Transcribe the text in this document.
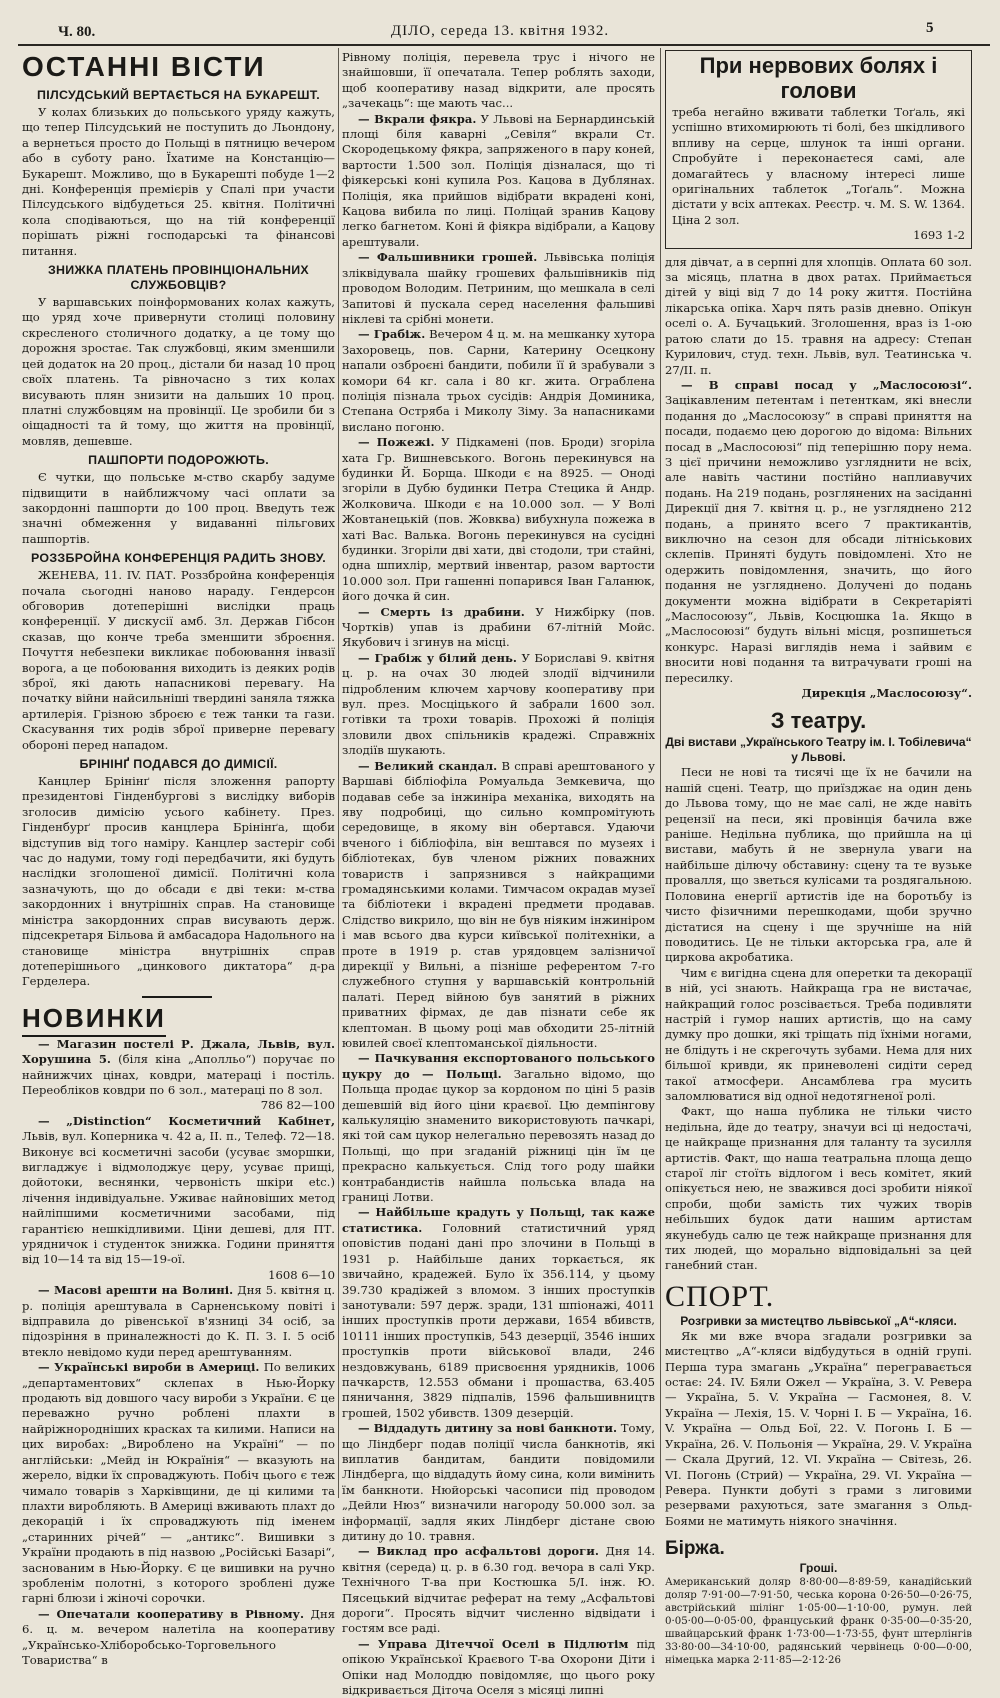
Ч. 80.	ДІЛО, середа 13. квітня 1932.	5
ОСТАННІ ВІСТИ
ПІЛСУДСЬКИЙ ВЕРТАЄТЬСЯ НА БУКАРЕШТ.

У колах близьких до польського уряду кажуть, що тепер Пілсудський не поступить до Льондону, а вернеться просто до Польщі в пятницю вечером або в суботу рано. Їхатиме на Констанцію—Букарешт. Можливо, що в Букарешті побуде 1—2 дні. Конференція премієрів у Спалі при участи Пілсудського відбудеться 25. квітня. Політичні кола сподіваються, що на тій конференції порішать ріжні господарські та фінансові питання.

ЗНИЖКА ПЛАТЕНЬ ПРОВІНЦІОНАЛЬНИХ СЛУЖБОВЦІВ?

У варшавських поінформованих колах кажуть, що уряд хоче привернути столиці половину скресленого столичного додатку, а це тому що дорожня зростає. Так службовці, яким зменшили цей додаток на 20 проц., дістали би назад 10 проц своїх платень. Та рівночасно з тих колах висувають плян знизити на дальших 10 проц. платні службовцям на провінції. Це зробили би з оіщадності та й тому, що життя на провінції, мовляв, дешевше.

ПАШПОРТИ ПОДОРОЖЮТЬ.

Є чутки, що польське м-ство скарбу задуме підвищити в найближчому часі оплати за закордонні пашпорти до 100 проц. Введуть теж значні обмеження у видаванні пільгових пашпортів.

РОЗЗБРОЙНА КОНФЕРЕНЦІЯ РАДИТЬ ЗНОВУ.

ЖЕНЕВА, 11. IV. ПАТ. Роззбройна конференція почала сьогодні наново нараду. Гендерсон обговорив дотеперішні вислідки праць конференції. У дискусії амб. Зл. Держав Гібсон сказав, що конче треба зменшити зброєння. Почуття небезпеки викликає побоювання інвазії ворога, а це побоювання виходить із деяких родів зброї, які дають напасникові перевагу. На початку війни найсильніші твердині заняла тяжка артилерія. Грізною зброєю є теж танки та гази. Скасування тих родів зброї приверне перевагу обороні перед нападом.

БРІНІНҐ ПОДАВСЯ ДО ДИМІСІЇ.

Канцлер Брінінґ після зложення рапорту президентові Гінденбургові з вислідку виборів зголосив димісію усього кабінету. През. Гінденбурґ просив канцлера Брінінґа, щоби відступив від того наміру. Канцлер застеріг собі час до надуми, тому годі передбачити, які будуть наслідки зголошеної димісії. Політичні кола зазначують, що до обсади є дві теки: м-ства закордонних і внутрішніх справ. На становище міністра закордонних справ висувають держ. підсекретаря Більова й амбасадора Надольного на становище міністра внутрішніх справ дотеперішнього „цинкового диктатора“ д-ра Герделера.

НОВИНКИ

— Магазин постелі Р. Джала, Львів, вул. Хорушина 5. (біля кіна „Аполльо“) поручає по найнижчих цінах, ковдри, матераці і постіль. Переобліков ковдри по 6 зол., матераці по 8 зол.

786 82—100

— „Distinction“ Косметичний Кабінет, Львів, вул. Коперника ч. 42 а, II. п., Телеф. 72—18. Виконує всі косметичні засоби (усуває зморшки, вигладжує і відмолоджує цеpу, усуває прищі, дойотоки, веснянки, червоність шкіри etc.) лічення індивідуальне. Уживає найновіших метод найліпшими косметичними засобами, під гарантією нешкідливими. Ціни дешеві, для ПТ. урядничок і студенток знижка. Години приняття від 10—14 та від 15—19-ої.

1608 6—10

— Масові арешти на Волині. Дня 5. квітня ц. р. поліція арештувала в Сарненському повіті і відправила до рівенської в'язниці 34 осіб, за підозріння в приналежності до К. П. З. І. 5 осіб втекло невідомо куди перед арештуванням.

— Українські вироби в Америці. По великих „департаментових“ склепах в Нью-Йорку продають від довшого часу вироби з України. Є це переважно ручно роблені плахти в найріжнородніших красках та килими. Написи на цих виробах: „Вироблено на Україні“ — по англійськи: „Мейд ін Юкраїнія“ — вказують на жерело, відки їх спроваджують. Побіч цього є теж чимало товарів з Харківщини, де ці килими та плахти виробляють. В Америці вживають плахт до декорацій і їх спроваджують під іменем „старинних річей“ — „антикс“. Вишивки з України продають в під назвою „Російські Базарі“, заснованим в Нью-Йорку. Є це вишивки на ручно зробленім полотні, з которого зроблені дуже гарні блюзи і жіночі сорочки.

— Опечатали кооперативу в Рівному. Дня 6. ц. м. вечером налетіла на кооперативу „Українсько-Хліборобсько-Торговельного Товариства“ в

Рівному поліція, перевела трус і нічого не знайшовши, її опечатала. Тепер роблять заходи, щоб кооперативу назад відкрити, але просять „зачекаць“: ще мають час...

— Вкрали фякра. У Львові на Бернардинській площі біля каварні „Севіля“ вкрали Ст. Скородецькому фякра, запряженого в пару коней, вартости 1.500 зол. Поліція дізналася, що ті фіякерські коні купила Роз. Кацова в Дублянах. Поліція, яка прийшов відібрати вкрадені коні, Кацова вибила по лиці. Поліцай зранив Кацову легко багнетом. Коні й фіякра відібрали, а Кацову арештували.

— Фальшивники грошей. Львівська поліція зліквідувала шайку грошевих фальшівників під проводом Володим. Петриним, що мешкала в селі Запитові й пускала серед населення фальшиві ніклеві та срібні монети.

— Грабіж. Вечером 4 ц. м. на мешканку хутора Захоровець, пов. Сарни, Катерину Осецкону напали озброєні бандити, побили її й зрабували з комори 64 кг. сала і 80 кг. жита. Ограблена поліція пізнала трьох сусідів: Андрія Доминика, Степана Остряба і Миколу Зіму. За напасниками вислано погоню.

— Пожежі. У Підкамені (пов. Броди) згоріла хата Гр. Вишневського. Вогонь перекинувся на будинки Й. Борща. Шкоди є на 8925. — Оноді згоріли в Дубю будинки Петра Стецика й Андр. Жолковича. Шкоди є на 10.000 зол. — У Волі Жовтанецькій (пов. Жовква) вибухнула пожежа в хаті Вас. Валька. Вогонь перекинувся на сусідні будинки. Згоріли дві хати, дві стодоли, три стайні, одна шпихлір, мертвий інвентар, разом вартости 10.000 зол. При гашенні попарився Іван Галанюк, його дочка й син.

— Смерть із драбини. У Нижбірку (пов. Чортків) упав із драбини 67-літній Мойс. Якубович і згинув на місці.

— Грабіж у білий день. У Бориславі 9. квітня ц. р. на очах 30 людей злодії відчинили підробленим ключем харчову кооперативу при вул. през. Мосціцького й забрали 1600 зол. готівки та трохи товарів. Прохожі й поліція зловили двох спільників крадежі. Справжніх злодіїв шукають.

— Великий скандал. В справі арештованого у Варшаві бібліофіла Ромуальда Земкевича, що подавав себе за інжиніра механіка, виходять на яву подробиці, що сильно компромітують середовище, в якому він обертався. Удаючи вченого і бібліофіла, він вештався по музеях і бібліотеках, був членом ріжних поважних товариств і запрязнився з найкращими громадянськими колами. Тимчасом окрадав музеї та бібліотеки і вкрадені предмети продавав. Слідство викрило, що він не був ніяким інжиніром і мав всього два курси київської політехніки, а проте в 1919 р. став урядовцем залізничої дирекції у Вильні, а пізніше референтом 7-го служебного ступня у варшавській контрольній палаті. Перед війною був занятий в ріжних приватних фірмах, де дав пізнати себе як клептоман. В цьому році мав обходити 25-літній ювилей своєї клептоманської діяльности.

— Пачкування експортованого польського цукру до — Польщі. Загально відомо, що Польща продає цукор за кордоном по ціні 5 разів дешевшій від його ціни краєвої. Цю демпінгову калькуляцію знаменито використовують пачкарі, які той сам цукор нелегально перевозять назад до Польщі, що при згаданій ріжниці цін їм це прекрасно калькується. Слід того роду шайки контрабандистів найшла польська влада на границі Лотви.

— Найбільше крадуть у Польщі, так каже статистика. Головний статистичний уряд оповістив подані дані про злочини в Польщі в 1931 р. Найбільше даних торкається, як звичайно, крадежей. Було їх 356.114, у цьому 39.730 крадіжей з вломом. З інших проступків занотували: 597 держ. зради, 131 шпіонажі, 4011 інших проступків проти держави, 1654 вбивств, 10111 інших проступків, 543 дезерції, 3546 інших проступків проти військової влади, 246 нездовжувань, 6189 присвоєння урядників, 1006 пачкарств, 12.553 обмани і прошаства, 63.405 пяничання, 3829 підпалів, 1596 фальшивництв грошей, 1502 убивств. 1309 дезерцій.

— Віддадуть дитину за нові банкноти. Тому, що Ліндберг подав поліції числа банкнотів, які виплатив бандитам, бандити повідомили Ліндберга, що віддадуть йому сина, коли вимінить їм банкноти. Нюйорські часописи під проводом „Дейли Нюз“ визначили нагороду 50.000 зол. за інформації, задля яких Ліндберг дістане свою дитину до 10. травня.

— Виклад про асфальтові дороги. Дня 14. квітня (середа) ц. р. в 6.30 год. вечора в салі Укр. Технічного Т-ва при Костюшка 5/І. інж. Ю. Пясецький відчитає реферат на тему „Асфальтові дороги“. Просять відчит численно відвідати і гостям все раді.

— Управа Дітеччої Оселі в Підлютім під опікою Української Краєвого Т-ва Охорони Діти і Опіки над Молоддю повідомляє, що цього року відкривається Діточа Оселя з місяці липні

При нервових болях і голови

треба негайно вживати таблетки Тоґаль, які успішно втихомирюють ті болі, без шкідливого впливу на серце, шлунок та інші органи. Спробуйте і переконаєтеся самі, але домагайтесь у власному інтересі лише оригінальних таблеток „Тоґаль“. Можна дістати у всіх аптеках. Реєстр. ч. М. S. W. 1364. Ціна 2 зол.

1693 1-2

для дівчат, а в серпні для хлопців. Оплата 60 зол. за місяць, платна в двох ратах. Приймається дітей у віці від 7 до 14 року життя. Постійна лікарська опіка. Харч пять разів дневно. Опікун оселі о. А. Бучацький. Зголошення, враз із 1-ою ратою слати до 15. травня на адресу: Степан Курилович, студ. техн. Львів, вул. Театинська ч. 27/ІІ. п.

— В справі посад у „Маслосоюзі“. Зацікавленим петентам і петенткам, які внесли подання до „Маслосоюзу“ в справі приняття на посади, подаємо цею дорогою до відома: Вільних посад в „Маслосоюзі“ під теперішню пору нема. З цієї причини неможливо узгляднити не всіх, але навіть частини постійно наплиавучих подань. На 219 подань, розглянених на засіданні Дирекції дня 7. квітня ц. р., не узгляднено 212 подань, а принято всего 7 практикантів, виключно на сезон для обсади літніськових склепів. Приняті будуть повідомлені. Хто не одержить повідомлення, значить, що його подання не узгляднено. Долучені до подань документи можна відібрати в Секретаріяті „Маслосоюзу“, Львів, Косцюшка 1а. Якщо в „Маслосоюзі“ будуть вільні місця, розпишеться конкурс. Наразі виглядів нема і зайвим є вносити нові подання та витрачувати гроші на пересилку.

Дирекція „Маслосоюзу“.

З театру.
Дві вистави „Українського Театру ім. І. Тобілевича“ у Львові.

Песи не нові та тисячі ще їх не бачили на нашій сцені. Театр, що приїзджає на один день до Львова тому, що не має салі, не жде навіть рецензії на песи, які провінція бачила вже раніше. Недільна публика, що прийшла на ці вистави, мабуть й не звернула уваги на найбільше ділючу обставину: сцену та те вузьке провалля, що зветься кулісами та роздягальною. Половина енергії артистів іде на боротьбу із чисто фізичними перешкодами, щоби зручно дістатися на сцену і ще зручніше на ній поводитись. Це не тільки акторська гра, але й циркова акробатика.

Чим є вигідна сцена для оперетки та декорації в ній, усі знають. Найкраща гра не вистачає, найкращий голос розсівається. Треба подивляти настрій і гумор наших артистів, що на саму думку про дошки, які тріщать під їхніми ногами, не блідуть і не скрегочуть зубами. Нема для них більшої кривди, як приневолені сидіти серед такої атмосфери. Ансамблева гра мусить заломлюватися від одної недотягненої ролі.

Факт, що наша публика не тільки чисто недільна, йде до театру, значуи всі ці недостачі, це найкраще признання для таланту та зусилля артистів. Факт, що наша театральна площа дещо старої ліг стоїть відлогом і весь комітет, який опікується нею, не зважився досі зробити ніякої спроби, щоби замість тих чужих творів небільших будок дати нашим артистам якунебудь салю це теж найкраще признання для тих людей, що морально відповідальні за цей ганебний стан.

СПОРТ.
Розгривки за мистецтво львівської „А“-кляси.

Як ми вже вчора згадали розгривки за мистецтво „А“-кляси відбудуться в одній групі. Перша тура змагань „Україна“ перегравається остає: 24. IV. Бяли Ожел — Україна, 3. V. Ревера — Україна, 5. V. Україна — Гасмонея, 8. V. Україна — Лехія, 15. V. Чорні I. Б — Україна, 16. V. Україна — Ольд Бої, 22. V. Погонь I. Б — Україна, 26. V. Польонія — Україна, 29. V. Україна — Скала Другий, 12. VI. Україна — Світезь, 26. VI. Погонь (Стрий) — Україна, 29. VI. Україна — Ревера. Пункти добуті з грами з лиговими резервами рахуються, зате змагання з Ольд-Боями не матимуть ніякого значіння.

Біржа.
Гроші.
Американський доляр 8·80·00—8·89·59, канадійський доляр 7·91·00—7·91·50, чеська корона 0·26·50—0·26·75, австрійський шілінг 1·05·00—1·10·00, румун. лей 0·05·00—0·05·00, француський франк 0·35·00—0·35·20, швайцарський франк 1·73·00—1·73·55, фунт штерлінгів 33·80·00—34·10·00, радянський червінець 0·00—0·00, німецька марка 2·11·85—2·12·26
